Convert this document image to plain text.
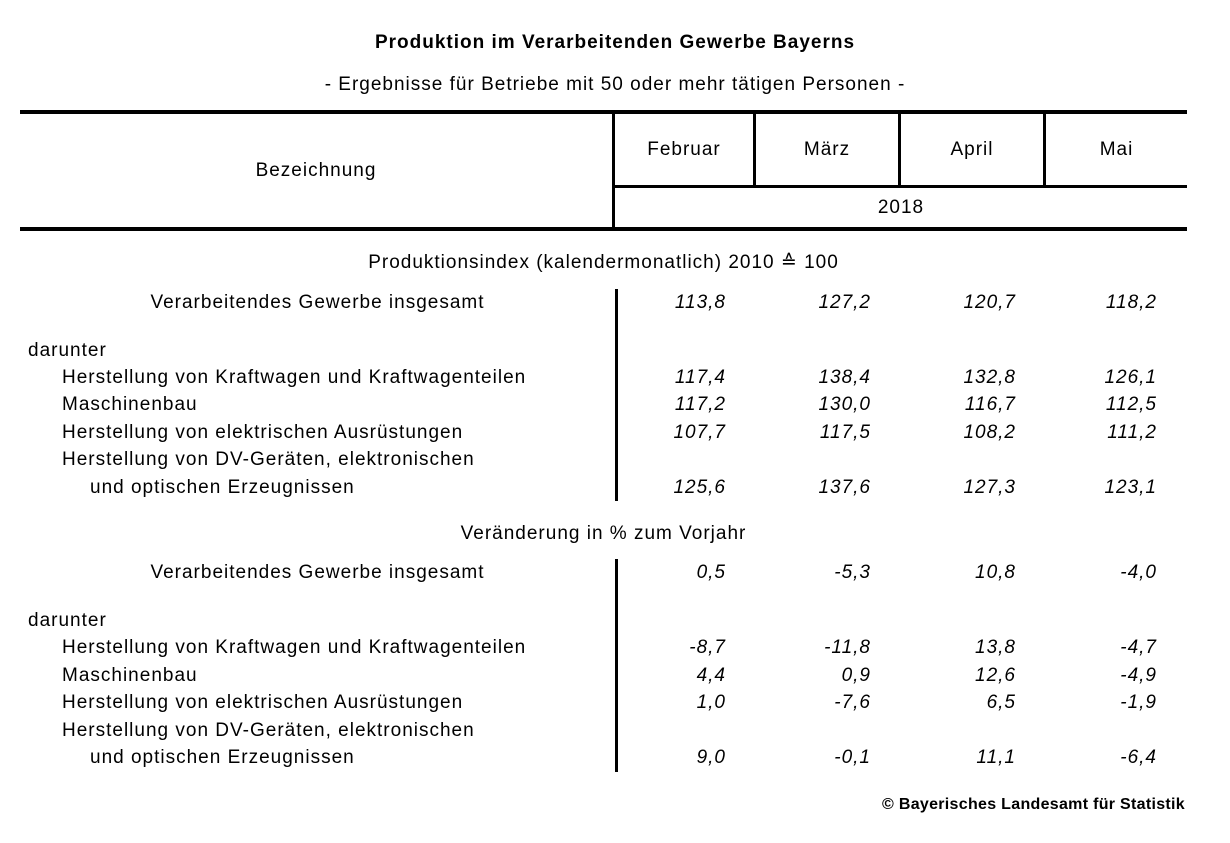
Produktion im Verarbeitenden Gewerbe Bayerns
- Ergebnisse für Betriebe mit 50 oder mehr tätigen Personen -
Bezeichnung
Februar	März	April	Mai
2018
Produktionsindex (kalendermonatlich) 2010 ≙ 100
Verarbeitendes Gewerbe insgesamt	113,8	127,2	120,7	118,2
darunter
Herstellung von Kraftwagen und Kraftwagenteilen	117,4	138,4	132,8	126,1
Maschinenbau	117,2	130,0	116,7	112,5
Herstellung von elektrischen Ausrüstungen	107,7	117,5	108,2	111,2
Herstellung von DV-Geräten, elektronischen
und optischen Erzeugnissen	125,6	137,6	127,3	123,1
Veränderung in % zum Vorjahr
Verarbeitendes Gewerbe insgesamt	0,5	-5,3	10,8	-4,0
darunter
Herstellung von Kraftwagen und Kraftwagenteilen	-8,7	-11,8	13,8	-4,7
Maschinenbau	4,4	0,9	12,6	-4,9
Herstellung von elektrischen Ausrüstungen	1,0	-7,6	6,5	-1,9
Herstellung von DV-Geräten, elektronischen
und optischen Erzeugnissen	9,0	-0,1	11,1	-6,4
© Bayerisches Landesamt für Statistik
